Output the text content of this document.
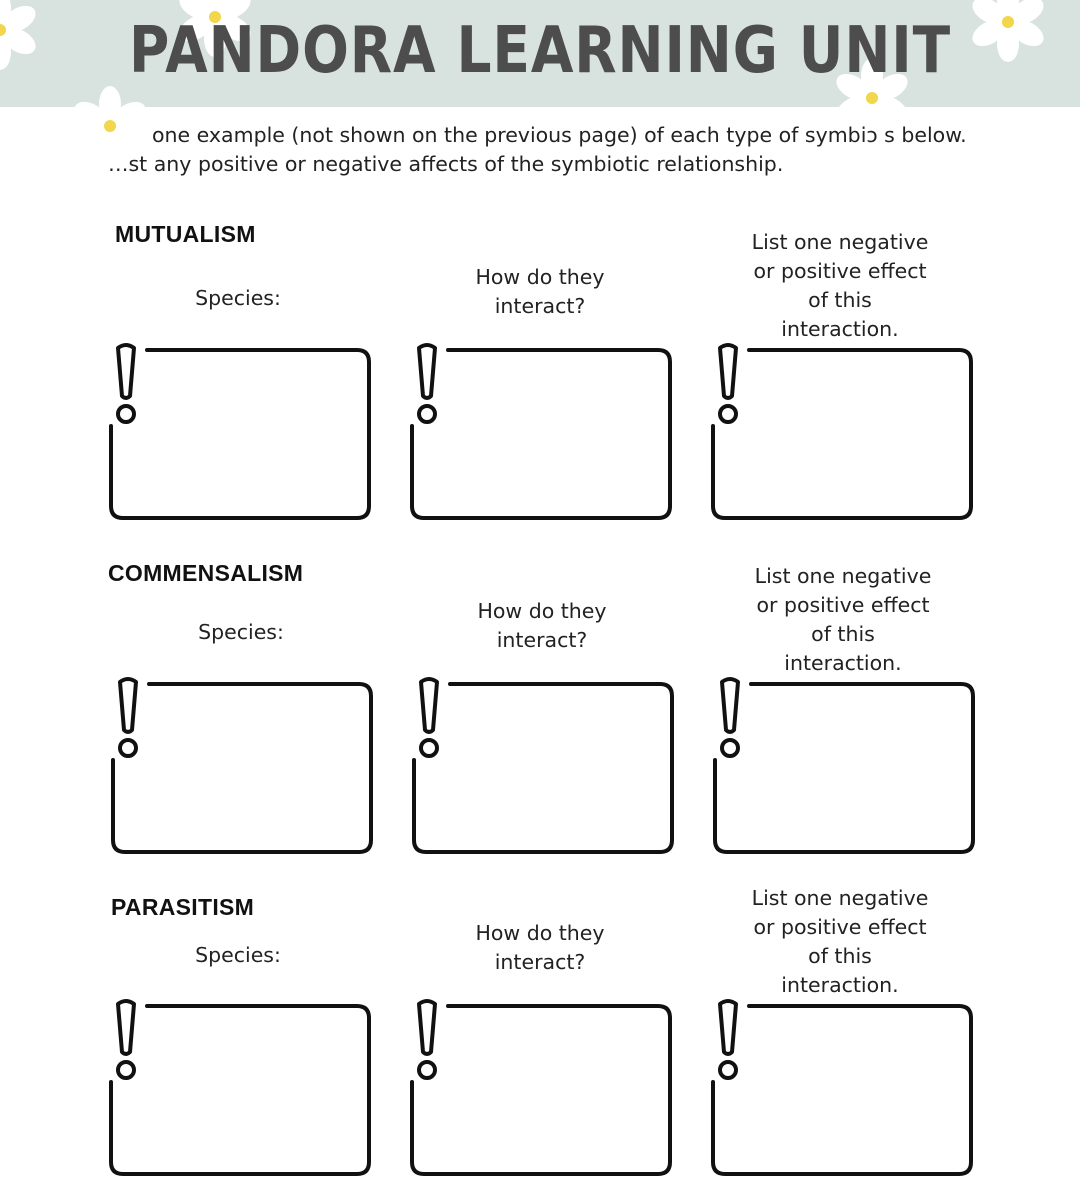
PANDORA LEARNING UNIT
one example (not shown on the previous page) of each type of symbiɔ s below.
…st any positive or negative affects of the symbiotic relationship.
MUTUALISM
Species:
How do they
interact?
List one negative
or positive effect
of this
interaction.
COMMENSALISM
Species:
How do they
interact?
List one negative
or positive effect
of this
interaction.
PARASITISM
Species:
How do they
interact?
List one negative
or positive effect
of this
interaction.
